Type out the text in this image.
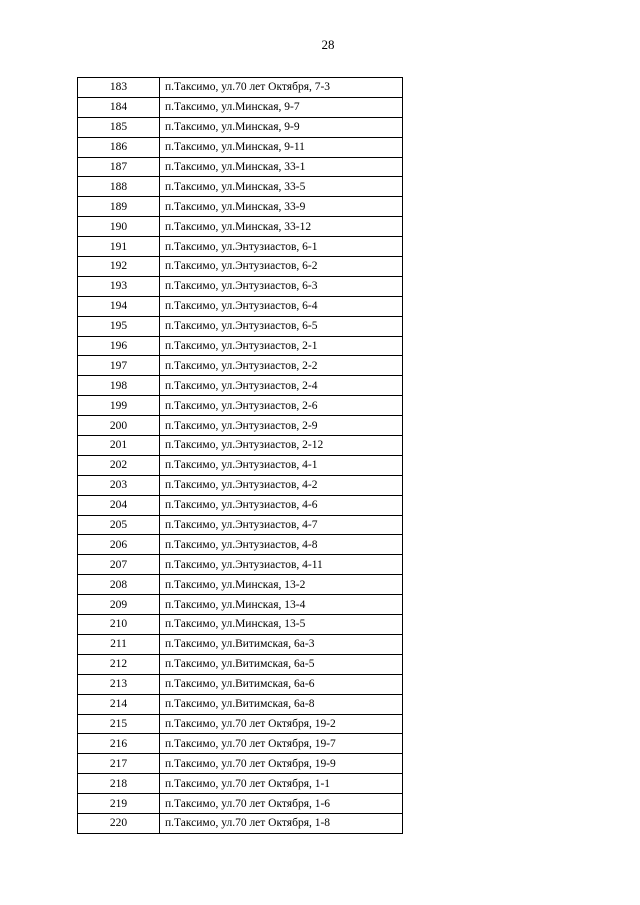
28
183	п.Таксимо, ул.70 лет Октября, 7-3
184	п.Таксимо, ул.Минская, 9-7
185	п.Таксимо, ул.Минская, 9-9
186	п.Таксимо, ул.Минская, 9-11
187	п.Таксимо, ул.Минская, 33-1
188	п.Таксимо, ул.Минская, 33-5
189	п.Таксимо, ул.Минская, 33-9
190	п.Таксимо, ул.Минская, 33-12
191	п.Таксимо, ул.Энтузиастов, 6-1
192	п.Таксимо, ул.Энтузиастов, 6-2
193	п.Таксимо, ул.Энтузиастов, 6-3
194	п.Таксимо, ул.Энтузиастов, 6-4
195	п.Таксимо, ул.Энтузиастов, 6-5
196	п.Таксимо, ул.Энтузиастов, 2-1
197	п.Таксимо, ул.Энтузиастов, 2-2
198	п.Таксимо, ул.Энтузиастов, 2-4
199	п.Таксимо, ул.Энтузиастов, 2-6
200	п.Таксимо, ул.Энтузиастов, 2-9
201	п.Таксимо, ул.Энтузиастов, 2-12
202	п.Таксимо, ул.Энтузиастов, 4-1
203	п.Таксимо, ул.Энтузиастов, 4-2
204	п.Таксимо, ул.Энтузиастов, 4-6
205	п.Таксимо, ул.Энтузиастов, 4-7
206	п.Таксимо, ул.Энтузиастов, 4-8
207	п.Таксимо, ул.Энтузиастов, 4-11
208	п.Таксимо, ул.Минская, 13-2
209	п.Таксимо, ул.Минская, 13-4
210	п.Таксимо, ул.Минская, 13-5
211	п.Таксимо, ул.Витимская, 6а-3
212	п.Таксимо, ул.Витимская, 6а-5
213	п.Таксимо, ул.Витимская, 6а-6
214	п.Таксимо, ул.Витимская, 6а-8
215	п.Таксимо, ул.70 лет Октября, 19-2
216	п.Таксимо, ул.70 лет Октября, 19-7
217	п.Таксимо, ул.70 лет Октября, 19-9
218	п.Таксимо, ул.70 лет Октября, 1-1
219	п.Таксимо, ул.70 лет Октября, 1-6
220	п.Таксимо, ул.70 лет Октября, 1-8
